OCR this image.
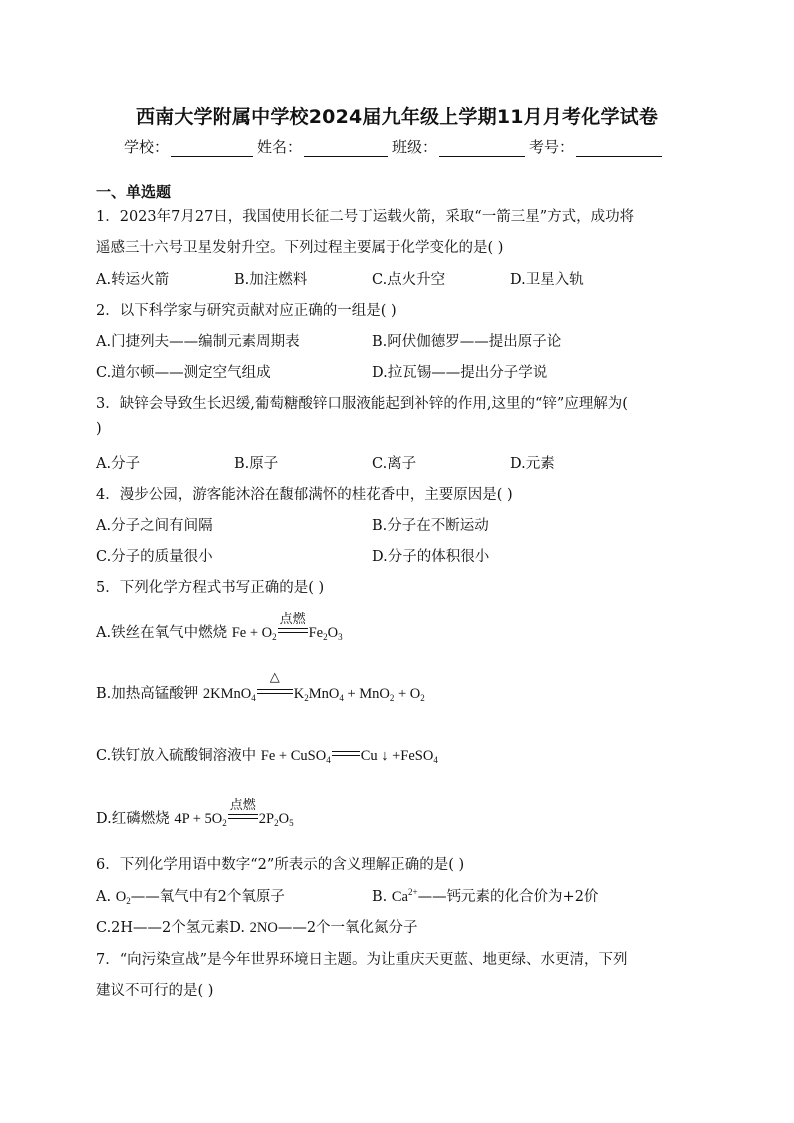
西南大学附属中学校2024届九年级上学期11月月考化学试卷
学校：	姓名：	班级：	考号：
一、单选题
1．2023年7月27日，我国使用长征二号丁运载火箭，采取“一箭三星”方式，成功将
遥感三十六号卫星发射升空。下列过程主要属于化学变化的是( )
A.转运火箭	B.加注燃料	C.点火升空	D.卫星入轨
2．以下科学家与研究贡献对应正确的一组是( )
A.门捷列夫——编制元素周期表	B.阿伏伽德罗——提出原子论
C.道尔顿——测定空气组成	D.拉瓦锡——提出分子学说
3．缺锌会导致生长迟缓,葡萄糖酸锌口服液能起到补锌的作用,这里的“锌”应理解为(
)
A.分子	B.原子	C.离子	D.元素
4．漫步公园，游客能沐浴在馥郁满怀的桂花香中，主要原因是( )
A.分子之间有间隔	B.分子在不断运动
C.分子的质量很小	D.分子的体积很小
5．下列化学方程式书写正确的是( )
A.铁丝在氧气中燃烧 $Fe + O_2$
点燃
$Fe_2O_3$
B.加热高锰酸钾 2KMnO$_4$
△
$K_2MnO_4 + MnO_2 + O_2$
C.铁钉放入硫酸铜溶液中 Fe + CuSO$_4$ Cu ↓ +FeSO$_4$
D.红磷燃烧 $4P + 5O_2$
点燃
$2P_2O_5$
6．下列化学用语中数字“2”所表示的含义理解正确的是( )
A. $O_2——$氧气中有2个氧原子	B. $Ca^{2+}——$钙元素的化合价为+2价
C.2H——2个氢元素D. 2NO——2个一氧化氮分子
7．“向污染宣战”是今年世界环境日主题。为让重庆天更蓝、地更绿、水更清，下列
建议不可行的是( )
